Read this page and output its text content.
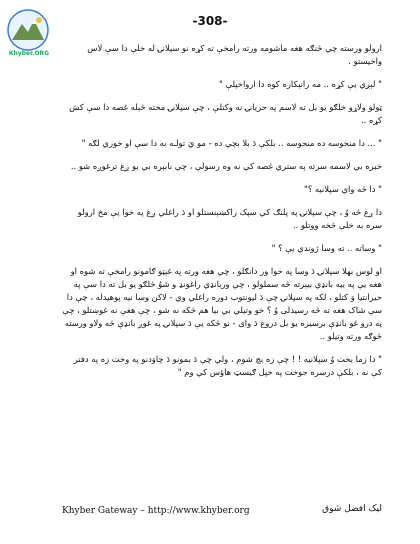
-308-
Khyber.ORG

ارولو ورسته چي څنګه هغه ماشومه ورته رامخې ته کړه نو سپلانۍ له خلې دا سې لاس واخيستو .

" لېږي يې کړه .. مه رانېکاره کوه دا ارواخپلې "

ټولو ولاړو خلګو يو بل ته لاسم په حريانۍ نه وکتلې ، چې سپلانۍ مخته څېله غصه دا سې کش کړه ..

" ... دا منحوسه ده منحوسه .. بلکې دَ بلا بچي ده - مو يَ تولـه به دا سې او خوري لګه "

خبره بي لاسمه سرته په ستري غصه کي نه وه رسولې ، چي نابېره بي يو ږغ ترغوږه شو ..

" دا څه واي سپلانيه ؟"

دا ږغ څه وُ ، چې سپلانۍ په پلنګ کي سپک راکښېنستلو او دَ راغلي ږغ په خوا يې مخ ارولو سره به خلې څخه ووتلو ..

" وساته .. ته وسا ژوندي يې ؟ "

او لوس بهلا سپلانۍ دَ وسا په خوا ور دانګلو ، چي هغه ورته په غېټو ګامونو رامخې ته شوه او هغه يې په بيه بانډي بيېرته څه سملولو ، چي وربانډي راغونډ و شوُ څلګو يو بل ته دا سې په حيرانتيا وَ کتلو ، لکه په سپلانۍ چې دَ ليونتوب دوره راغلي وي - لاکن وسا نيه پوهيدله ، چې دا سې شاک هغه ته څه رسيدلی وُ ؟ خو وتيلي بي بيا هم څکه نه شو ، چې هغې نه غوښتلو ، چې په درو غو بانډې برسيره يو بل دروغ دَ وای - نو څکه يې دَ سپلانۍ په غوږ بانډې څه ولاو ورسته څوګه ورته وتيلو ..

" دا زما بخت وُ سپلانيه ! ! چې زه بچ شوم ، ولي چې دَ بمونو دَ چاوَدنو په وخت زه په دفتر کې نه ، بلکې درسره جوخت په خپل ګيسټ هاؤس کي وم "

Khyber Gateway – http://www.khyber.org	ليک افضل شوق
